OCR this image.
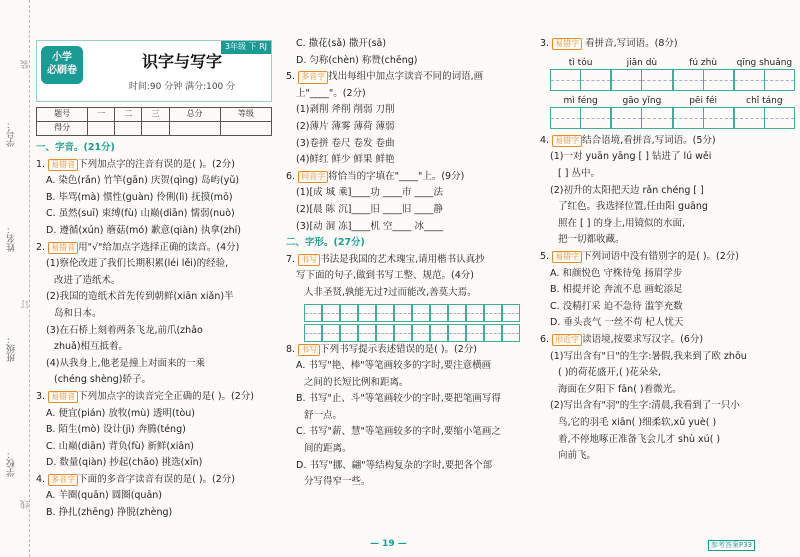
学号：
姓名：
班级：
学校：
装
订
线
小学
必刷卷
3年级 下 RJ
识字与写字
时间:90 分钟 满分:100 分
题号	一	二	三	总分	等级
得分					
一、字音。(21分)
1. 易错音 下列加点字的注音有误的是( )。(2分)
A. 染色(rǎn) 竹竿(gān) 庆贺(qìng) 岛屿(yǔ)
B. 毕骂(mà) 惯性(guàn) 伶俐(lì) 抚摸(mō)
C. 虽然(suī) 束缚(fù) 山巅(diān) 懦弱(nuò)
D. 遵循(xún) 蘑菇(mó) 歉意(qiàn) 执拿(zhí)
2. 易错音 用"√"给加点字选择正确的读音。(4分)
(1)察伦改进了我们长期积累(léi lěi)的经验,
改进了造纸术。
(2)我国的造纸术首先传到朝鲜(xiān xiǎn)半
岛和日本。
(3)在石桥上刻着两条飞龙,前爪(zhǎo
zhuǎ)相互抵着。
(4)从我身上,他老是撞上对面来的一乘
(chéng shèng)轿子。
3. 易错音 下列加点字的读音完全正确的是( )。(2分)
A. 便宜(pián) 放牧(mù) 透明(tòu)
B. 陌生(mò) 设计(jì) 奔腾(téng)
C. 山巅(diān) 背负(fù) 新鲜(xiān)
D. 数量(qiàn) 抄起(chāo) 挑选(xīn)
4. 多音字 下面的多音字读音有误的是( )。(2分)
A. 羊圈(quān) 圆圈(quān)
B. 挣扎(zhēng) 挣脱(zhèng)
C. 撒花(sǎ) 撒开(sā)
D. 匀称(chèn) 称赞(chēng)
5. 多音字 找出每组中加点字读音不同的词语,画
上"____"。(2分)
(1)剥削 斧削 削弱 刀削
(2)薄片 薄雾 薄荷 薄弱
(3)卷拼 卷尺 卷发 卷曲
(4)鲜红 鲜少 鲜果 鲜艳
6. 同音字 将恰当的字填在"____"上。(9分)
(1)[成 城 乘]____功 ____市 ____法
(2)[晨 陈 沉]____旧 ____旧 ____静
(3)[动 洞 冻]____机 空____ 冰____
二、字形。(27分)
7. 书写 书法是我国的艺术瑰宝,请用楷书认真抄
写下面的句子,做到书写工整、规范。(4分)
人非圣贤,孰能无过?过而能改,善莫大焉。
8. 书写 下列书写提示表述错误的是( )。(2分)
A. 书写"艳、棒"等笔画较多的字时,要注意横画
之间的长短比例和距离。
B. 书写"止、斗"等笔画较少的字时,要把笔画写得
舒一点。
C. 书写"薪、慧"等笔画较多的字时,要缩小笔画之
间的距离。
D. 书写"挪、翩"等结构复杂的字时,要把各个部
分写得窄一些。
3. 易错字 看拼音,写词语。(8分)
tì tóu	jiān dù	fú zhù	qīng shuǎng
mì féng	gāo yǐng	pēi féi	chǐ táng
4. 易错字 结合语境,看拼音,写词语。(5分)
(1)一对 yuān yāng [ ] 钻进了 lú wěi
[ ] 丛中。
(2)初升的太阳把天边 rǎn chéng [ ]
了红色。我选择位置,任由阳 guāng
照在 [ ] 的身上,用镜似的水面,
把一切都收藏。
5. 易错字 下列词语中没有错别字的是( )。(2分)
A. 和颜悦色 守株待兔 扬眉学步
B. 相提并论 奔流不息 画蛇添足
C. 没精打采 迫不急待 滥竽充数
D. 垂头丧气 一丝不苟 杞人忧天
6. 形近字 读语境,按要求写汉字。(6分)
(1)写出含有"日"的生字:暑假,我来到了欧 zhōu
( )的荷花盛开,( )花朵朵,
海面在夕阳下 fān( )着微光。
(2)写出含有"羽"的生字:清晨,我看到了一只小
鸟,它的羽毛 xiān( )细柔软,xǔ yuè( )
着,不停地啄正准备飞会儿才 shù xú( )
向前飞。
— 19 —	参考答案P33
